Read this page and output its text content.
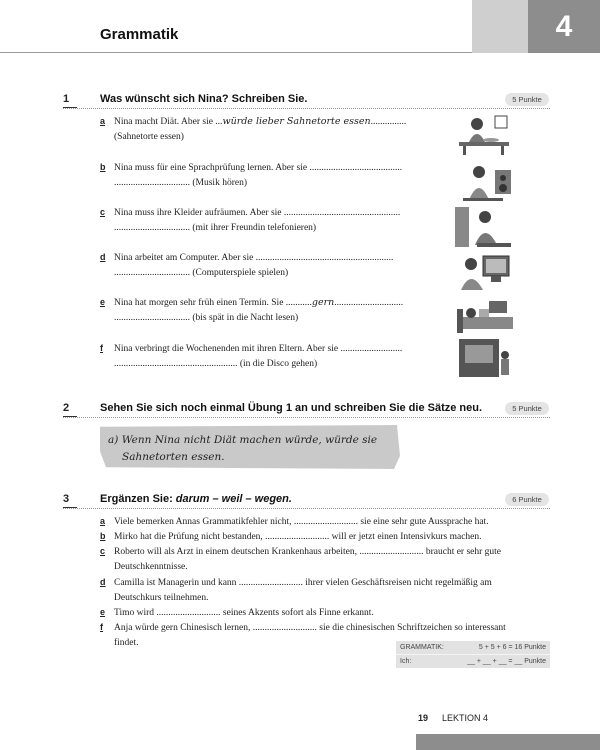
4
Grammatik
1	Was wünscht sich Nina? Schreiben Sie.	5 Punkte
a Nina macht Diät. Aber sie ...würde lieber Sahnetorte essen...............
(Sahnetorte essen)
b Nina muss für eine Sprachprüfung lernen. Aber sie .......................................
................................ (Musik hören)
c Nina muss ihre Kleider aufräumen. Aber sie .................................................
................................ (mit ihrer Freundin telefonieren)
d Nina arbeitet am Computer. Aber sie ..........................................................
................................ (Computerspiele spielen)
e Nina hat morgen sehr früh einen Termin. Sie ...........gern.............................
................................ (bis spät in die Nacht lesen)
f Nina verbringt die Wochenenden mit ihren Eltern. Aber sie ..........................
.................................................... (in die Disco gehen)
2	Sehen Sie sich noch einmal Übung 1 an und schreiben Sie die Sätze neu.	5 Punkte
a) Wenn Nina nicht Diät machen würde, würde sie
Sahnetorten essen.
3	Ergänzen Sie: darum – weil – wegen.	6 Punkte
a Viele bemerken Annas Grammatikfehler nicht, ........................... sie eine sehr gute Aussprache hat.
b Mirko hat die Prüfung nicht bestanden, ........................... will er jetzt einen Intensivkurs machen.
c Roberto will als Arzt in einem deutschen Krankenhaus arbeiten, ........................... braucht er sehr gute
Deutschkenntnisse.
d Camilla ist Managerin und kann ........................... ihrer vielen Geschäftsreisen nicht regelmäßig am
Deutschkurs teilnehmen.
e Timo wird ........................... seines Akzents sofort als Finne erkannt.
f Anja würde gern Chinesisch lernen, ........................... sie die chinesischen Schriftzeichen so interessant
findet.	GRAMMATIK:	5 + 5 + 6 = 16 Punkte
Ich:	__ + __ + __ = __ Punkte
19 LEKTION 4
